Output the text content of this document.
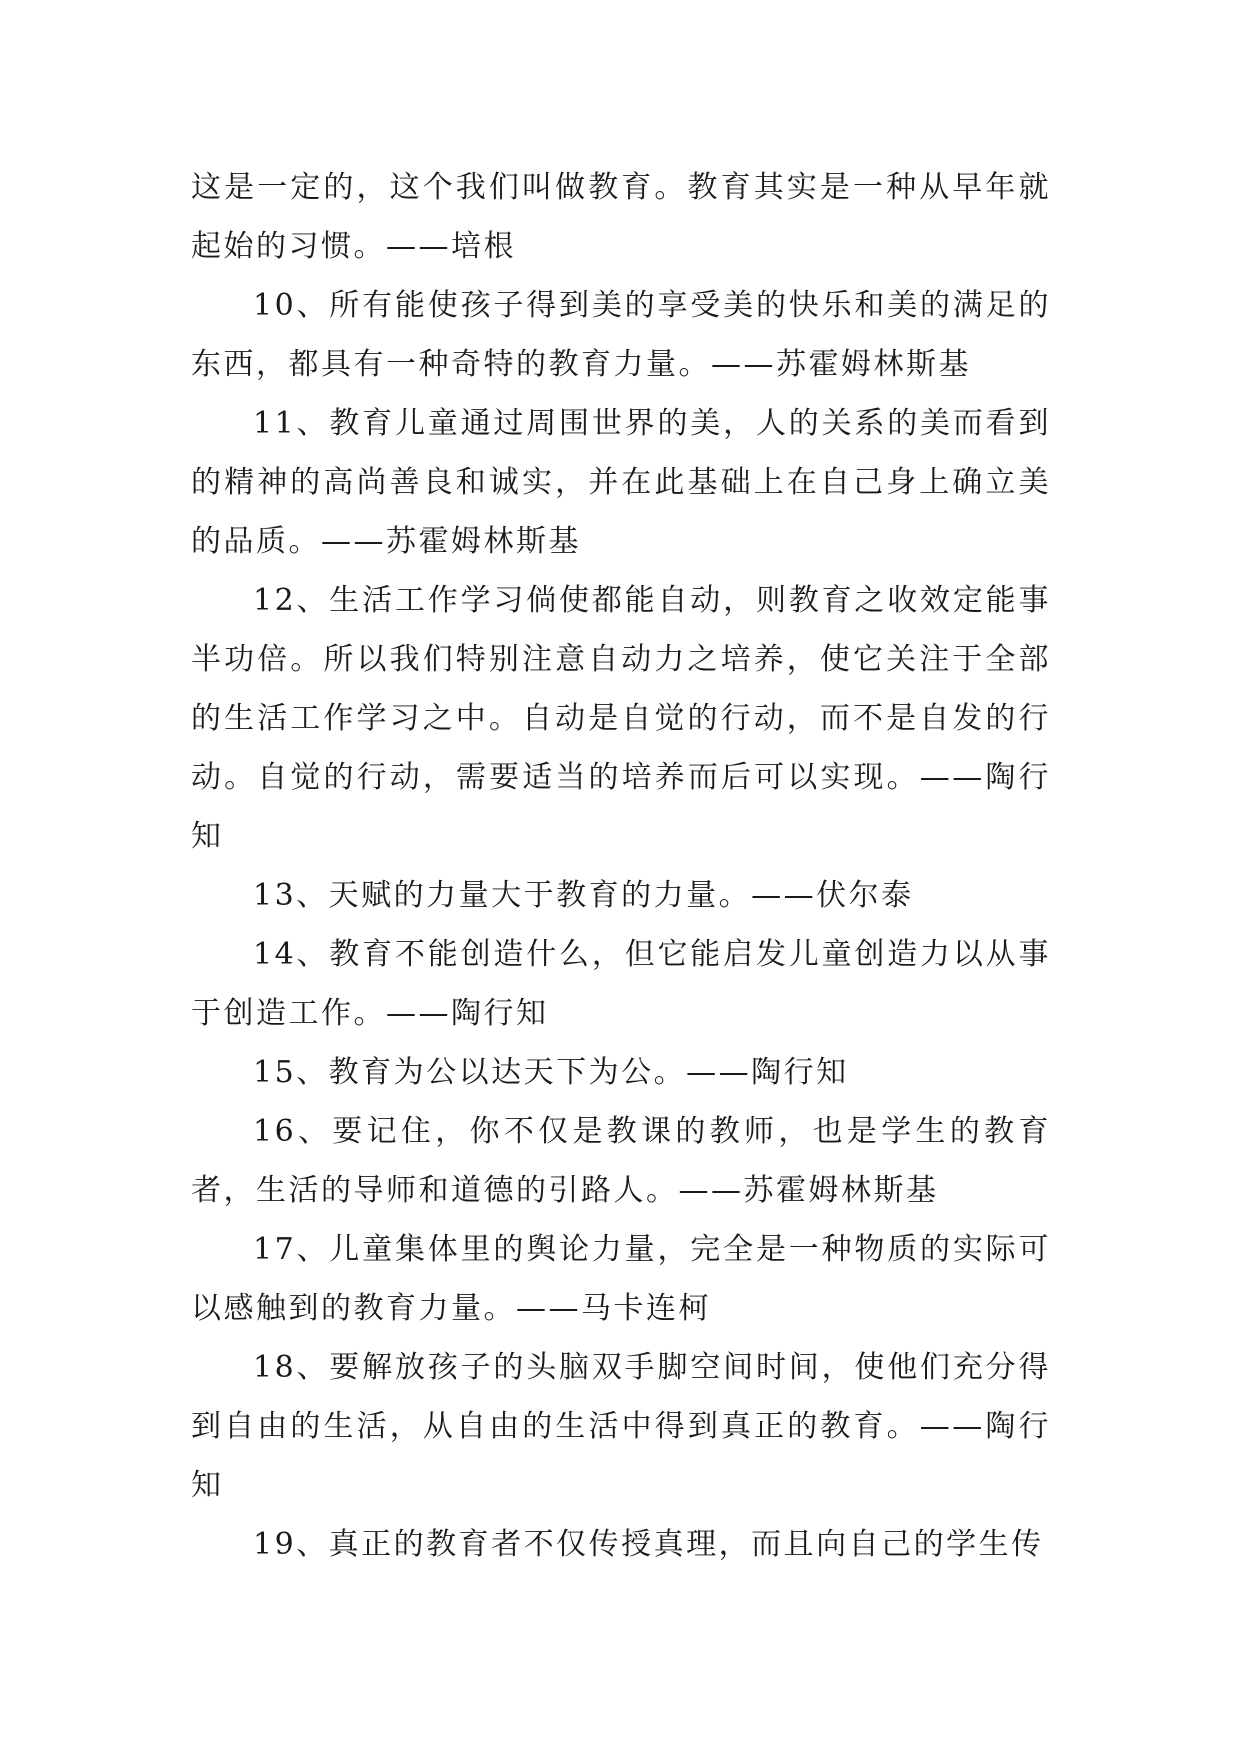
这是一定的，这个我们叫做教育。教育其实是一种从早年就起始的习惯。——培根

10、所有能使孩子得到美的享受美的快乐和美的满足的东西，都具有一种奇特的教育力量。——苏霍姆林斯基

11、教育儿童通过周围世界的美，人的关系的美而看到的精神的高尚善良和诚实，并在此基础上在自己身上确立美的品质。——苏霍姆林斯基

12、生活工作学习倘使都能自动，则教育之收效定能事半功倍。所以我们特别注意自动力之培养，使它关注于全部的生活工作学习之中。自动是自觉的行动，而不是自发的行动。自觉的行动，需要适当的培养而后可以实现。——陶行知

13、天赋的力量大于教育的力量。——伏尔泰

14、教育不能创造什么，但它能启发儿童创造力以从事于创造工作。——陶行知

15、教育为公以达天下为公。——陶行知

16、要记住，你不仅是教课的教师，也是学生的教育者，生活的导师和道德的引路人。——苏霍姆林斯基

17、儿童集体里的舆论力量，完全是一种物质的实际可以感触到的教育力量。——马卡连柯

18、要解放孩子的头脑双手脚空间时间，使他们充分得到自由的生活，从自由的生活中得到真正的教育。——陶行知

19、真正的教育者不仅传授真理，而且向自己的学生传
